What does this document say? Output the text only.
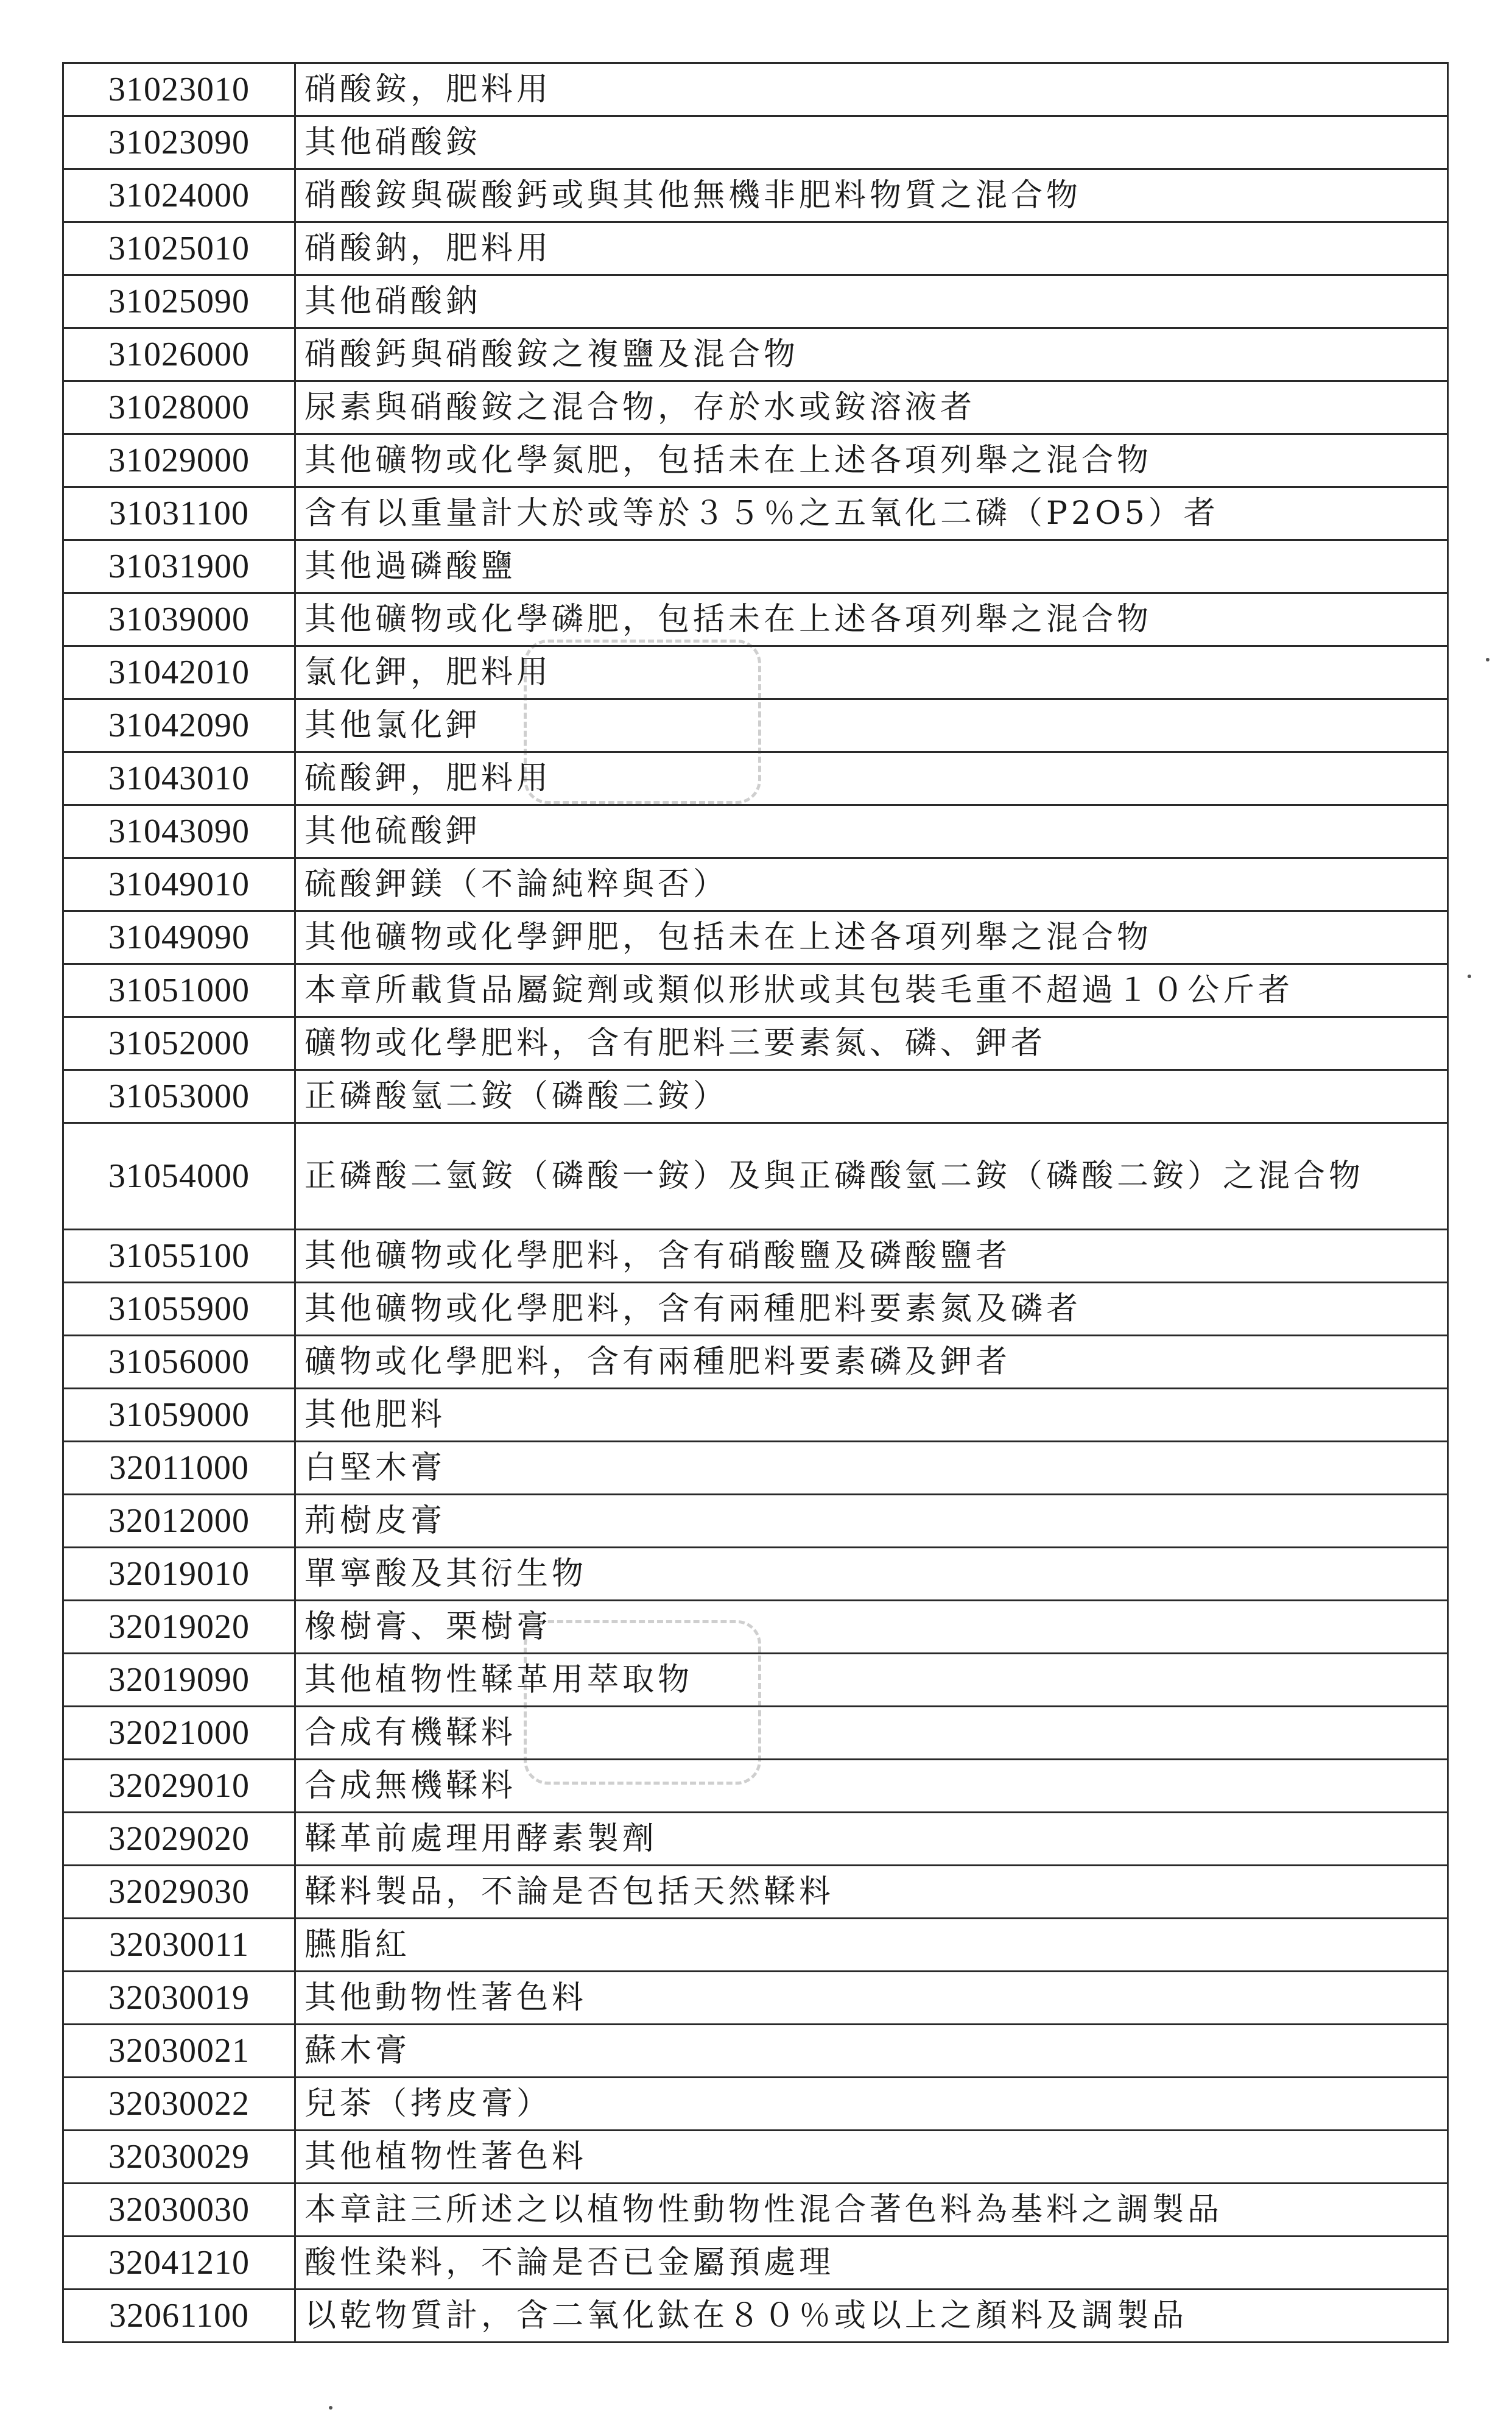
31023010	硝酸銨，肥料用
31023090	其他硝酸銨
31024000	硝酸銨與碳酸鈣或與其他無機非肥料物質之混合物
31025010	硝酸鈉，肥料用
31025090	其他硝酸鈉
31026000	硝酸鈣與硝酸銨之複鹽及混合物
31028000	尿素與硝酸銨之混合物，存於水或銨溶液者
31029000	其他礦物或化學氮肥，包括未在上述各項列舉之混合物
31031100	含有以重量計大於或等於３５％之五氧化二磷（P2O5）者
31031900	其他過磷酸鹽
31039000	其他礦物或化學磷肥，包括未在上述各項列舉之混合物
31042010	氯化鉀，肥料用
31042090	其他氯化鉀
31043010	硫酸鉀，肥料用
31043090	其他硫酸鉀
31049010	硫酸鉀鎂（不論純粹與否）
31049090	其他礦物或化學鉀肥，包括未在上述各項列舉之混合物
31051000	本章所載貨品屬錠劑或類似形狀或其包裝毛重不超過１０公斤者
31052000	礦物或化學肥料，含有肥料三要素氮、磷、鉀者
31053000	正磷酸氫二銨（磷酸二銨）
31054000	正磷酸二氫銨（磷酸一銨）及與正磷酸氫二銨（磷酸二銨）之混合物
31055100	其他礦物或化學肥料，含有硝酸鹽及磷酸鹽者
31055900	其他礦物或化學肥料，含有兩種肥料要素氮及磷者
31056000	礦物或化學肥料，含有兩種肥料要素磷及鉀者
31059000	其他肥料
32011000	白堅木膏
32012000	荊樹皮膏
32019010	單寧酸及其衍生物
32019020	橡樹膏、栗樹膏
32019090	其他植物性鞣革用萃取物
32021000	合成有機鞣料
32029010	合成無機鞣料
32029020	鞣革前處理用酵素製劑
32029030	鞣料製品，不論是否包括天然鞣料
32030011	臙脂紅
32030019	其他動物性著色料
32030021	蘇木膏
32030022	兒茶（拷皮膏）
32030029	其他植物性著色料
32030030	本章註三所述之以植物性動物性混合著色料為基料之調製品
32041210	酸性染料，不論是否已金屬預處理
32061100	以乾物質計，含二氧化鈦在８０％或以上之顏料及調製品
